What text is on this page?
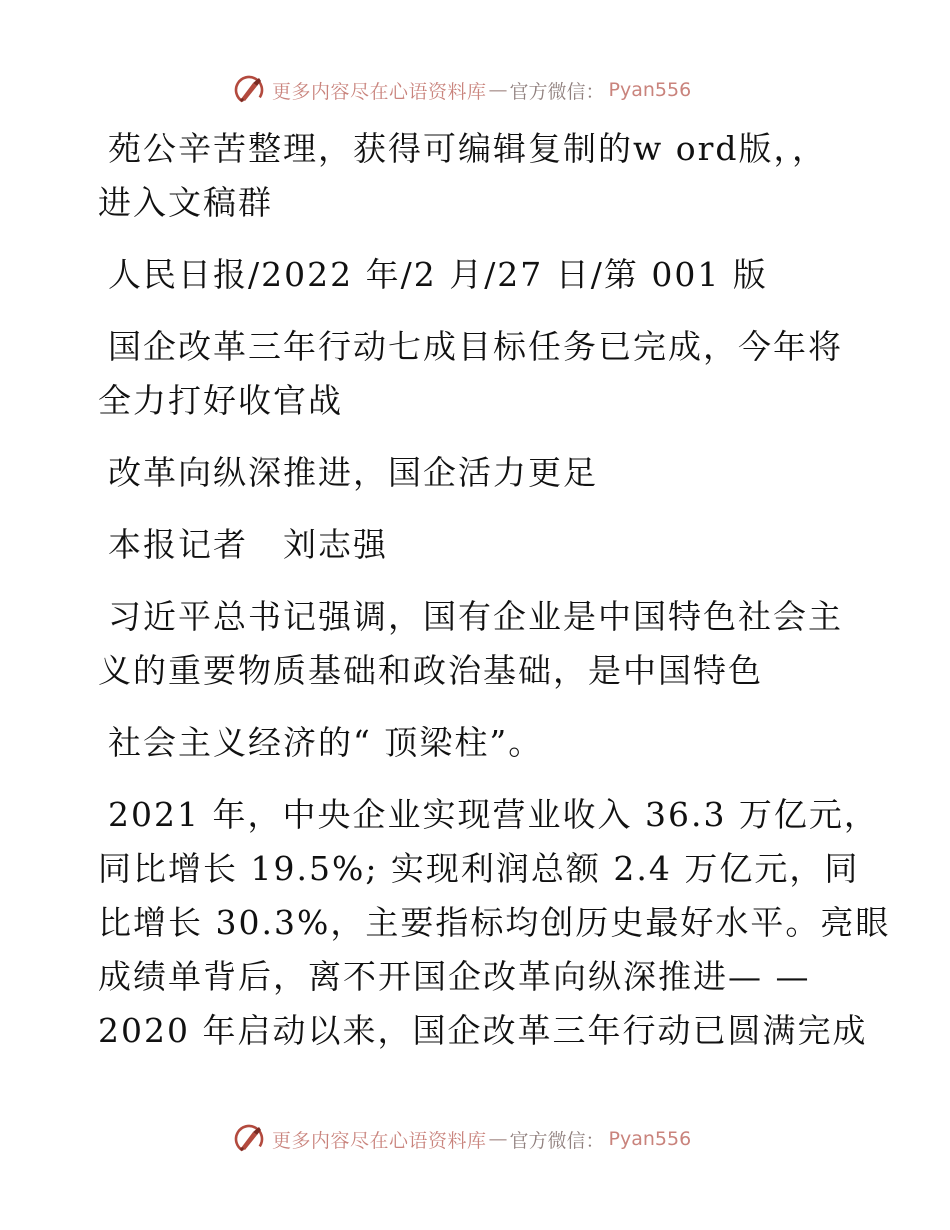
更多内容尽在心语资料库 — 官方微信： Pyan556

苑公辛苦整理，获得可编辑复制的w ord版，，

进入文稿群

人民日报/2022 年/2 月/27 日/第 001 版

国企改革三年行动七成目标任务已完成，今年将

全力打好收官战

改革向纵深推进，国企活力更足

本报记者　刘志强

习近平总书记强调，国有企业是中国特色社会主

义的重要物质基础和政治基础，是中国特色

社会主义经济的“ 顶梁柱”。

2021 年，中央企业实现营业收入 36.3 万亿元，

同比增长 19.5%; 实现利润总额 2.4 万亿元，同

比增长 30.3%，主要指标均创历史最好水平。亮眼

成绩单背后，离不开国企改革向纵深推进— —

2020 年启动以来，国企改革三年行动已圆满完成

更多内容尽在心语资料库 — 官方微信： Pyan556
